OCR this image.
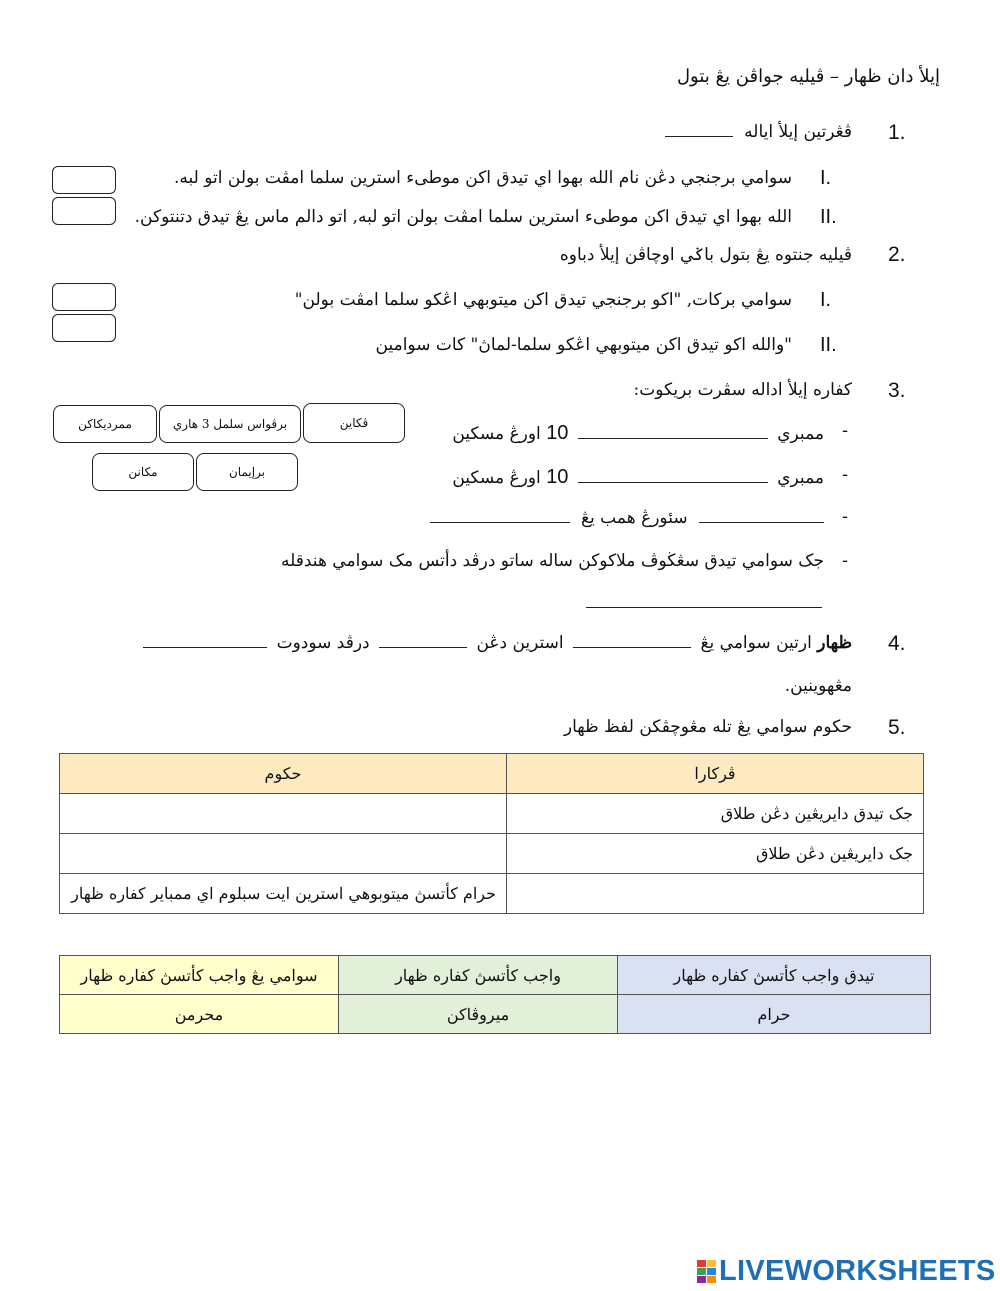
إيلأ دان ظهار – ڤيليه جواڤن يڠ بتول
1.
ڤڠرتين إيلأ اياله
I.
سوامي برجنجي دڠن نام الله بهوا اي تيدق اکن موطىء استرين سلما امڤت بولن اتو لبه.
II.
الله بهوا اي تيدق اکن موطىء استرين سلما امڤت بولن اتو لبه, اتو دالم ماس يڠ تيدق دتنتوکن.
2.
ڤيليه جنتوه يڠ بتول باݢي اوچاڤن إيلأ دباوه
I.
سوامي برکات, "اکو برجنجي تيدق اکن ميتوبهي اڠکو سلما امڤت بولن"
II.
"والله اکو تيدق اکن ميتوبهي اڠکو سلما-لماڽ" کات سوامين
3.
کفاره إيلأ اداله سڤرت بريکوت:
ممرديکاکن	برڤواس سلمل 3 هاري	ڤکاين
مکانن	برإيمان
-
ممبري  10 اورڠ مسکين
-
ممبري  10 اورڠ مسکين
-
سئورڠ همب يڠ
-
جک سوامي تيدق سڠڬوڤ ملاکوکن ساله ساتو درڤد دأتس مک سوامي هندقله
4.
ظهار ارتين سوامي يڠ  استرين دڠن  درڤد سودوت
مڠهوينين.
5.
حکوم سوامي يڠ تله مڠوچڤکن لفظ ظهار
ڤرکارا	حکوم
جک تيدق دايريڠين دڠن طلاق	
جک دايريڠين دڠن طلاق	
	حرام کأتسڽ ميتوبوهي استرين ايت سبلوم اي ممباير کفاره ظهار
تيدق واجب کأتسڽ کفاره ظهار	واجب کأتسڽ کفاره ظهار	سوامي يڠ واجب کأتسڽ کفاره ظهار
حرام	ميروڤاکن	محرمن
LIVEWORKSHEETS
